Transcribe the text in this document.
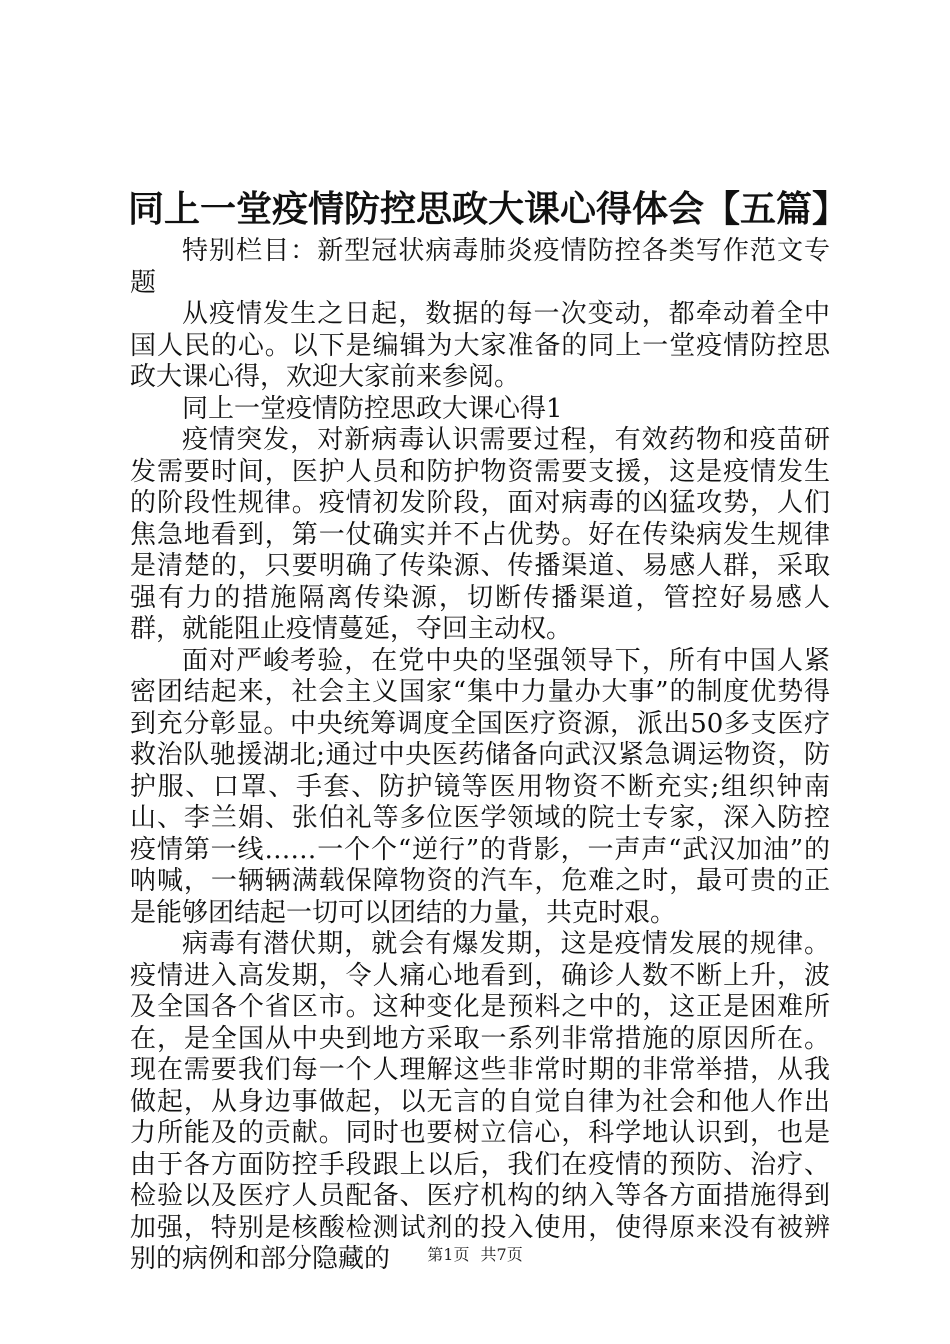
同上一堂疫情防控思政大课心得体会【五篇】

特别栏目：新型冠状病毒肺炎疫情防控各类写作范文专题

从疫情发生之日起，数据的每一次变动，都牵动着全中国人民的心。以下是编辑为大家准备的同上一堂疫情防控思政大课心得，欢迎大家前来参阅。

同上一堂疫情防控思政大课心得1

疫情突发，对新病毒认识需要过程，有效药物和疫苗研发需要时间，医护人员和防护物资需要支援，这是疫情发生的阶段性规律。疫情初发阶段，面对病毒的凶猛攻势，人们焦急地看到，第一仗确实并不占优势。好在传染病发生规律是清楚的，只要明确了传染源、传播渠道、易感人群，采取强有力的措施隔离传染源，切断传播渠道，管控好易感人群，就能阻止疫情蔓延，夺回主动权。

面对严峻考验，在党中央的坚强领导下，所有中国人紧密团结起来，社会主义国家“集中力量办大事”的制度优势得到充分彰显。中央统筹调度全国医疗资源，派出50多支医疗救治队驰援湖北;通过中央医药储备向武汉紧急调运物资，防护服、口罩、手套、防护镜等医用物资不断充实;组织钟南山、李兰娟、张伯礼等多位医学领域的院士专家，深入防控疫情第一线……一个个“逆行”的背影，一声声“武汉加油”的呐喊，一辆辆满载保障物资的汽车，危难之时，最可贵的正是能够团结起一切可以团结的力量，共克时艰。

病毒有潜伏期，就会有爆发期，这是疫情发展的规律。疫情进入高发期，令人痛心地看到，确诊人数不断上升，波及全国各个省区市。这种变化是预料之中的，这正是困难所在，是全国从中央到地方采取一系列非常措施的原因所在。现在需要我们每一个人理解这些非常时期的非常举措，从我做起，从身边事做起，以无言的自觉自律为社会和他人作出力所能及的贡献。同时也要树立信心，科学地认识到，也是由于各方面防控手段跟上以后，我们在疫情的预防、治疗、检验以及医疗人员配备、医疗机构的纳入等各方面措施得到加强，特别是核酸检测试剂的投入使用，使得原来没有被辨别的病例和部分隐藏的	第1页 共7页
